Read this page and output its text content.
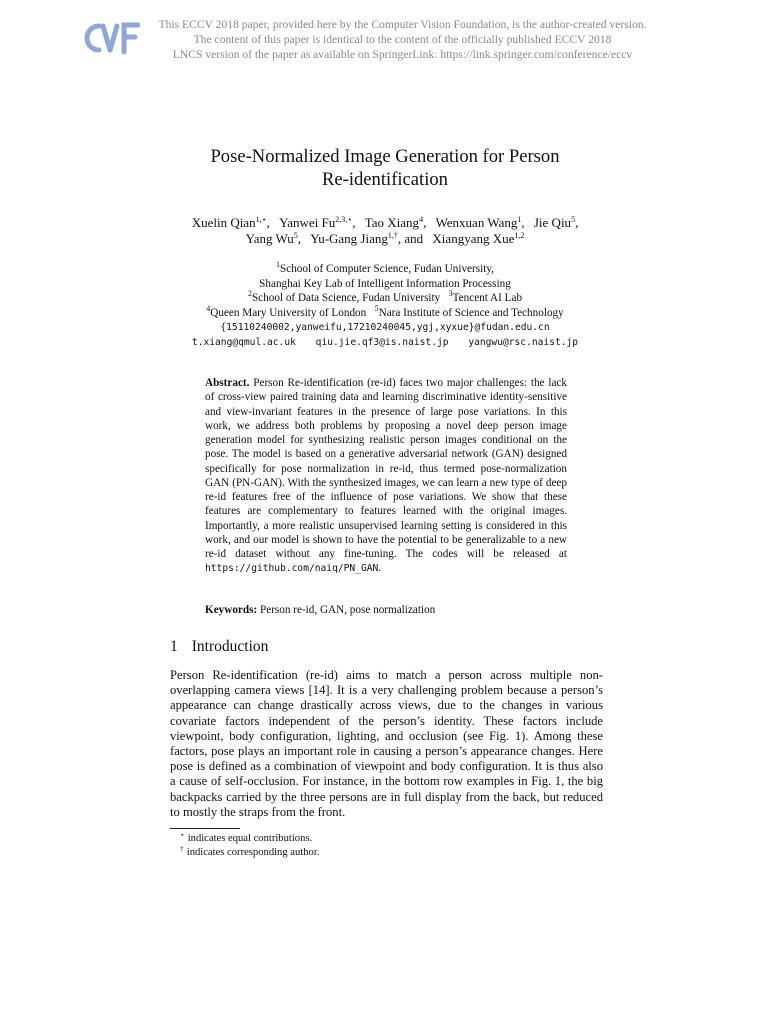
This ECCV 2018 paper, provided here by the Computer Vision Foundation, is the author-created version.
The content of this paper is identical to the content of the officially published ECCV 2018
LNCS version of the paper as available on SpringerLink: https://link.springer.com/conference/eccv
Pose-Normalized Image Generation for Person
Re-identification
Xuelin Qian$^{1,⋆}$, Yanwei $Fu^{2,3,⋆}$, Tao Xiang$^4$, Wenxuan Wang$^1$, Jie Qiu$^5$,
Yang Wu$^5$, Yu-Gang Jiang$^{1,\dagger}$, and Xiangyang Xue$^{1,2}$
$^1$School of Computer Science, Fudan University,
Shanghai Key Lab of Intelligent Information Processing
$^2$School of Data Science, Fudan University $^3$Tencent AI Lab
$^4$Queen Mary University of London $^5$Nara Institute of Science and Technology
{15110240002,yanweifu,17210240045,ygj,xyxue}@fudan.edu.cn
t.xiang@qmul.ac.uk qiu.jie.qf3@is.naist.jp yangwu@rsc.naist.jp
Abstract. Person Re-identification (re-id) faces two major challenges: the lack of cross-view paired training data and learning discriminative identity-sensitive and view-invariant features in the presence of large pose variations. In this work, we address both problems by proposing a novel deep person image generation model for synthesizing realistic person images conditional on the pose. The model is based on a generative adversarial network (GAN) designed specifically for pose normalization in re-id, thus termed pose-normalization GAN (PN-GAN). With the synthesized images, we can learn a new type of deep re-id features free of the influence of pose variations. We show that these features are complementary to features learned with the original images. Importantly, a more realistic unsupervised learning setting is considered in this work, and our model is shown to have the potential to be generalizable to a new re-id dataset without any fine-tuning. The codes will be released at https://github.com/naiq/PN_GAN.
Keywords: Person re-id, GAN, pose normalization
1 Introduction
Person Re-identification (re-id) aims to match a person across multiple non-overlapping camera views [14]. It is a very challenging problem because a person’s appearance can change drastically across views, due to the changes in various covariate factors independent of the person’s identity. These factors include viewpoint, body configuration, lighting, and occlusion (see Fig. 1). Among these factors, pose plays an important role in causing a person’s appearance changes. Here pose is defined as a combination of viewpoint and body configuration. It is thus also a cause of self-occlusion. For instance, in the bottom row examples in Fig. 1, the big backpacks carried by the three persons are in full display from the back, but reduced to mostly the straps from the front.
⋆ indicates equal contributions.
† indicates corresponding author.
